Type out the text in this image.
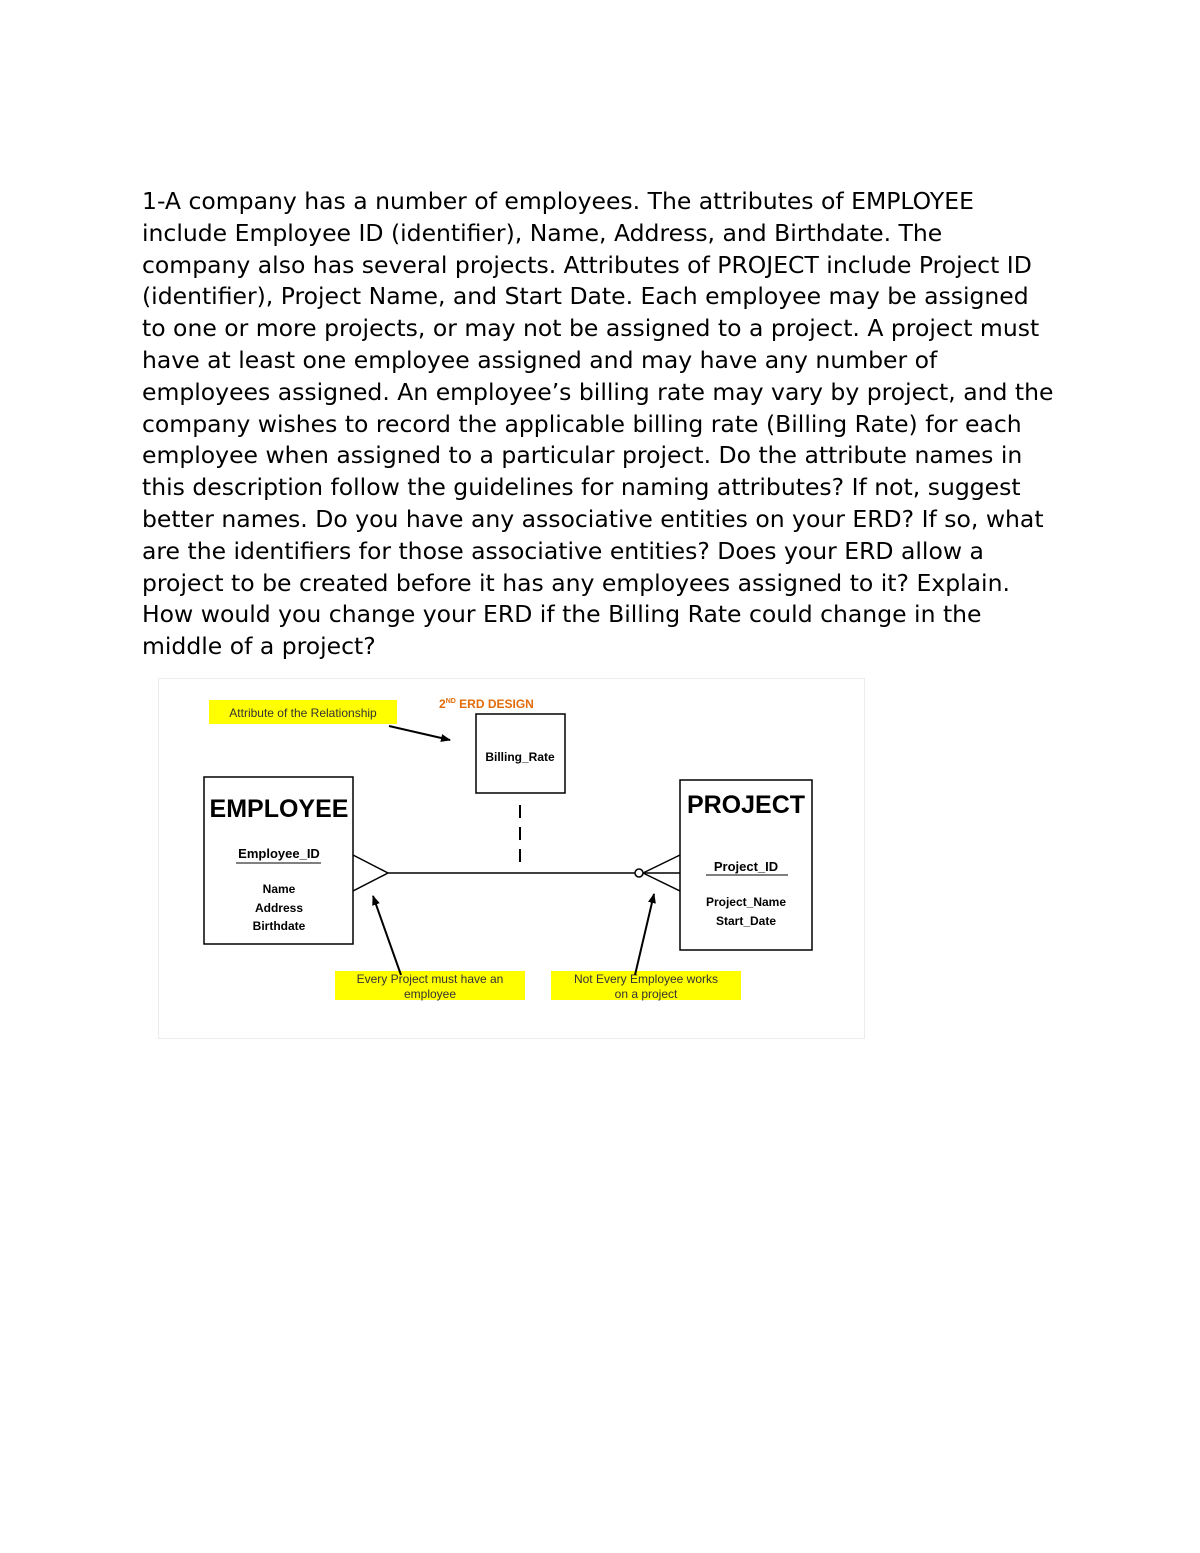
1-A company has a number of employees. The attributes of EMPLOYEE
include Employee ID (identifier), Name, Address, and Birthdate. The
company also has several projects. Attributes of PROJECT include Project ID
(identifier), Project Name, and Start Date. Each employee may be assigned
to one or more projects, or may not be assigned to a project. A project must
have at least one employee assigned and may have any number of
employees assigned. An employee’s billing rate may vary by project, and the
company wishes to record the applicable billing rate (Billing Rate) for each
employee when assigned to a particular project. Do the attribute names in
this description follow the guidelines for naming attributes? If not, suggest
better names. Do you have any associative entities on your ERD? If so, what
are the identifiers for those associative entities? Does your ERD allow a
project to be created before it has any employees assigned to it? Explain.
How would you change your ERD if the Billing Rate could change in the
middle of a project?
2ND ERD DESIGN
Attribute of the Relationship
Billing_Rate
EMPLOYEE
Employee_ID
Name
Address
Birthdate
PROJECT
Project_ID
Project_Name
Start_Date
Every Project must have an
employee
Not Every Employee works
on a project
